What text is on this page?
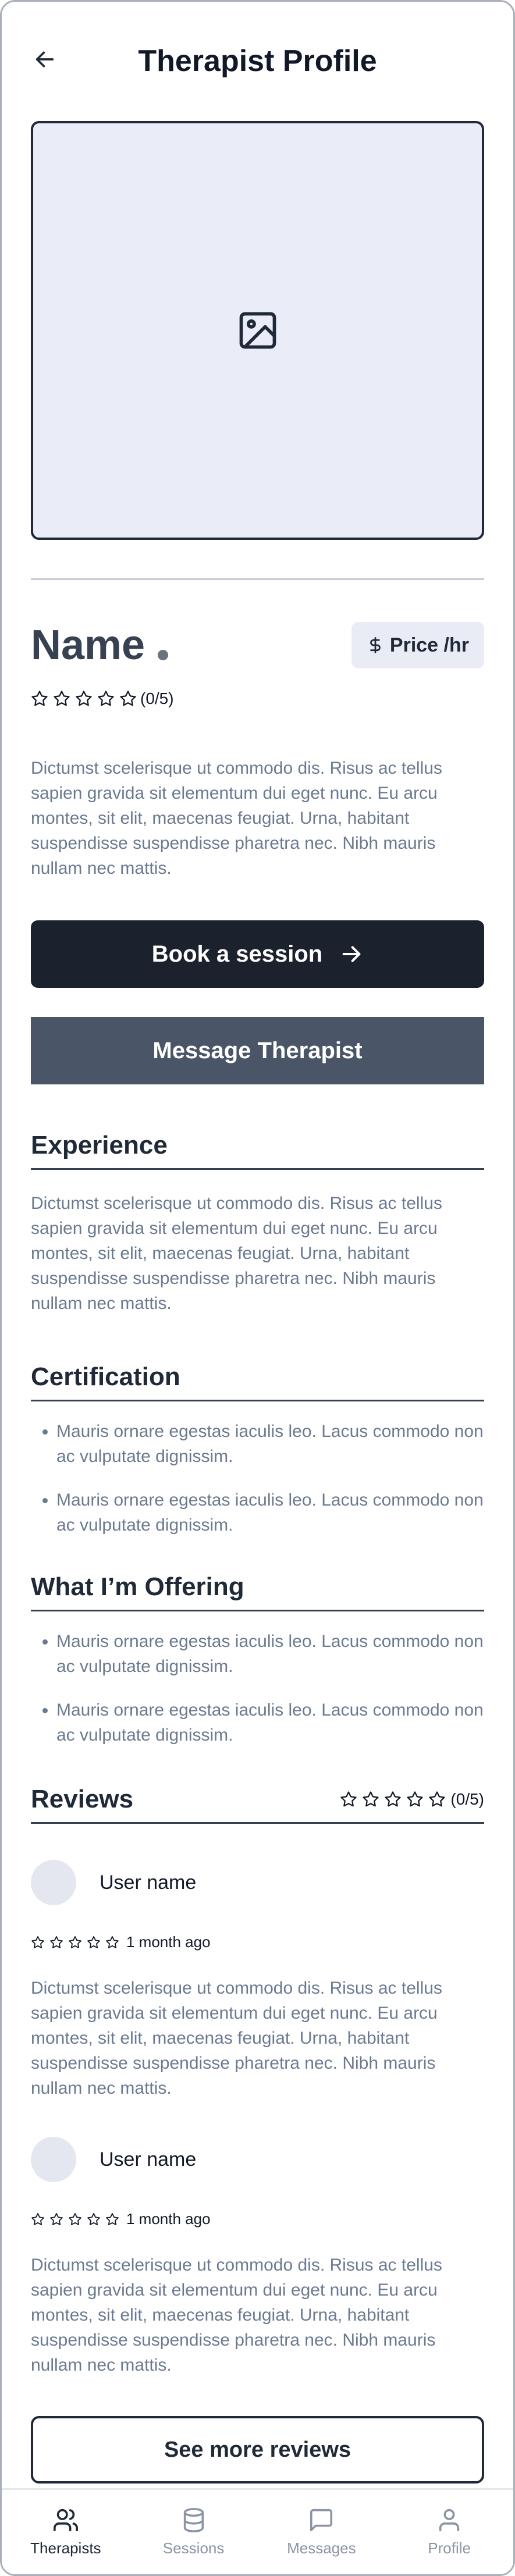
Therapist Profile
Name	Price /hr
(0/5)

Dictumst scelerisque ut commodo dis. Risus ac tellus sapien gravida sit elementum dui eget nunc. Eu arcu montes, sit elit, maecenas feugiat. Urna, habitant suspendisse suspendisse pharetra nec. Nibh mauris nullam nec mattis.

Book a session
Message Therapist
Experience

Dictumst scelerisque ut commodo dis. Risus ac tellus sapien gravida sit elementum dui eget nunc. Eu arcu montes, sit elit, maecenas feugiat. Urna, habitant suspendisse suspendisse pharetra nec. Nibh mauris nullam nec mattis.

Certification
• Mauris ornare egestas iaculis leo. Lacus commodo non ac vulputate dignissim.
• Mauris ornare egestas iaculis leo. Lacus commodo non ac vulputate dignissim.
What I’m Offering
• Mauris ornare egestas iaculis leo. Lacus commodo non ac vulputate dignissim.
• Mauris ornare egestas iaculis leo. Lacus commodo non ac vulputate dignissim.
Reviews	(0/5)
User name
1 month ago

Dictumst scelerisque ut commodo dis. Risus ac tellus sapien gravida sit elementum dui eget nunc. Eu arcu montes, sit elit, maecenas feugiat. Urna, habitant suspendisse suspendisse pharetra nec. Nibh mauris nullam nec mattis.

User name
1 month ago

Dictumst scelerisque ut commodo dis. Risus ac tellus sapien gravida sit elementum dui eget nunc. Eu arcu montes, sit elit, maecenas feugiat. Urna, habitant suspendisse suspendisse pharetra nec. Nibh mauris nullam nec mattis.

See more reviews
Therapists	Sessions	Messages	Profile
